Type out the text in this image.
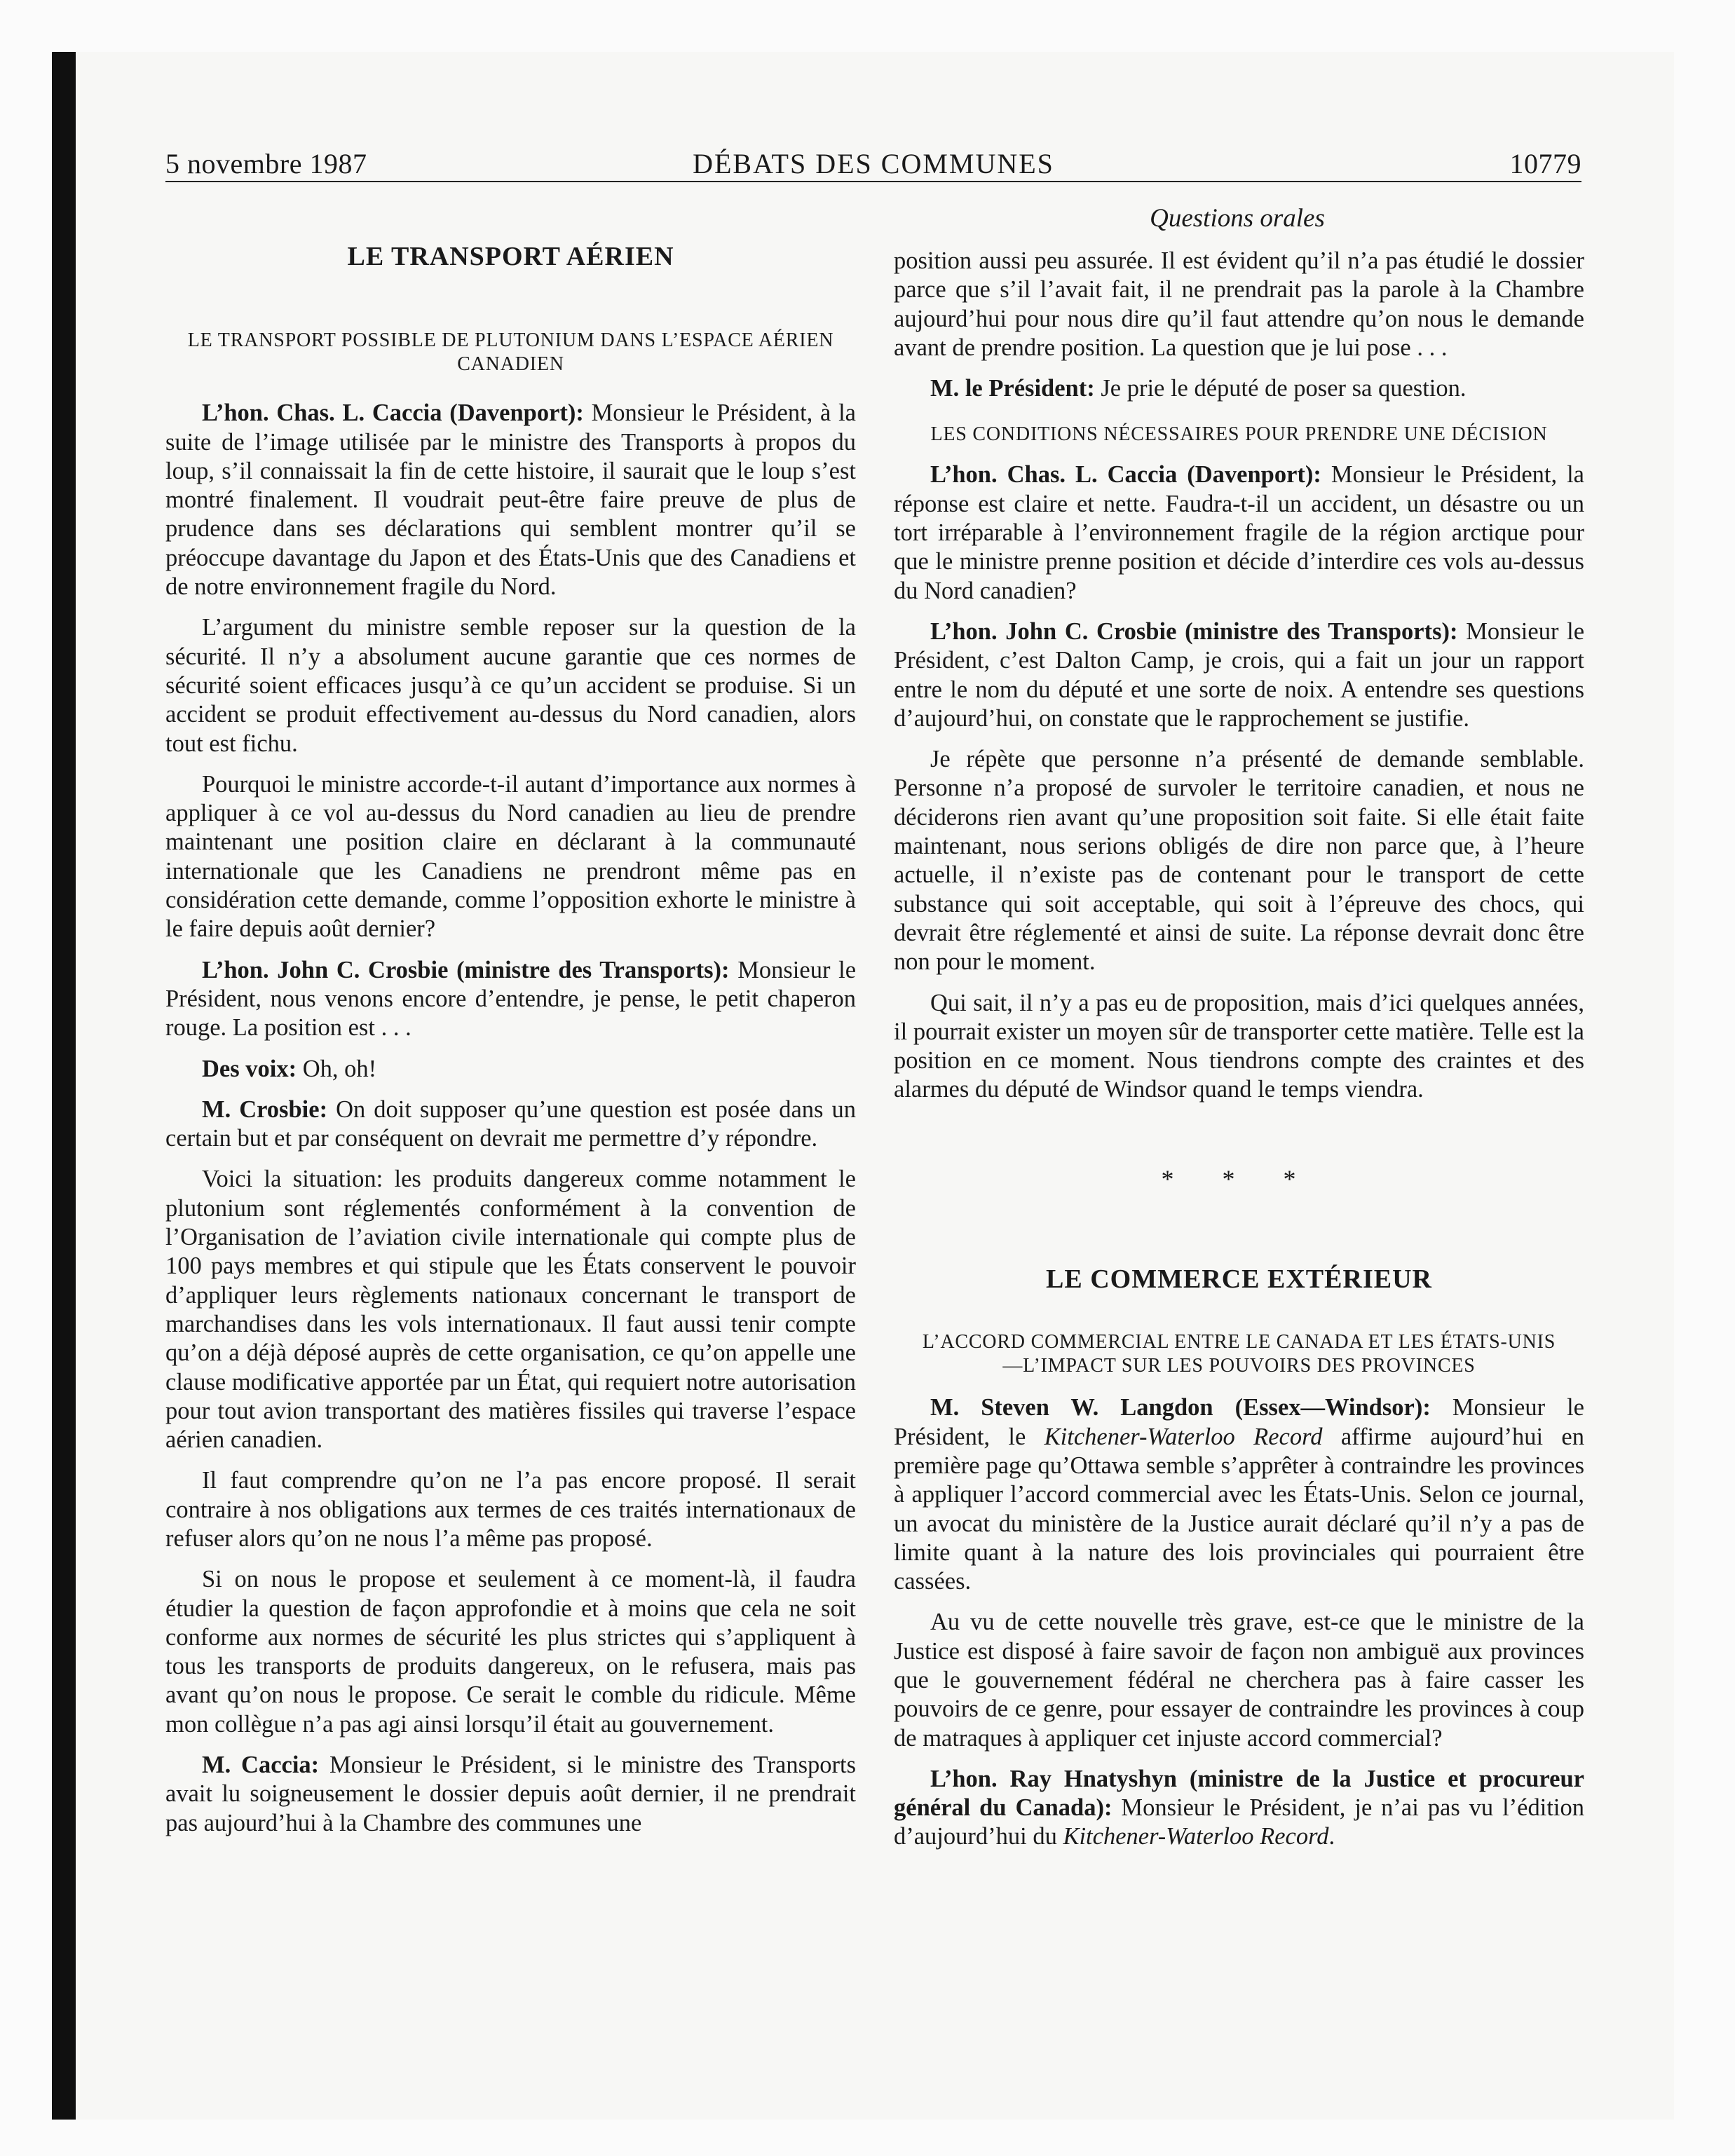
5 novembre 1987	DÉBATS DES COMMUNES	10779
Questions orales
LE TRANSPORT AÉRIEN
LE TRANSPORT POSSIBLE DE PLUTONIUM DANS L’ESPACE AÉRIEN CANADIEN

L’hon. Chas. L. Caccia (Davenport): Monsieur le Président, à la suite de l’image utilisée par le ministre des Transports à propos du loup, s’il connaissait la fin de cette histoire, il saurait que le loup s’est montré finalement. Il voudrait peut-être faire preuve de plus de prudence dans ses déclarations qui semblent montrer qu’il se préoccupe davantage du Japon et des États-Unis que des Canadiens et de notre environnement fragile du Nord.

L’argument du ministre semble reposer sur la question de la sécurité. Il n’y a absolument aucune garantie que ces normes de sécurité soient efficaces jusqu’à ce qu’un accident se produise. Si un accident se produit effectivement au-dessus du Nord canadien, alors tout est fichu.

Pourquoi le ministre accorde-t-il autant d’importance aux normes à appliquer à ce vol au-dessus du Nord canadien au lieu de prendre maintenant une position claire en déclarant à la communauté internationale que les Canadiens ne prendront même pas en considération cette demande, comme l’opposition exhorte le ministre à le faire depuis août dernier?

L’hon. John C. Crosbie (ministre des Transports): Monsieur le Président, nous venons encore d’entendre, je pense, le petit chaperon rouge. La position est . . .

Des voix: Oh, oh!

M. Crosbie: On doit supposer qu’une question est posée dans un certain but et par conséquent on devrait me permettre d’y répondre.

Voici la situation: les produits dangereux comme notamment le plutonium sont réglementés conformément à la convention de l’Organisation de l’aviation civile internationale qui compte plus de 100 pays membres et qui stipule que les États conservent le pouvoir d’appliquer leurs règlements nationaux concernant le transport de marchandises dans les vols internationaux. Il faut aussi tenir compte qu’on a déjà déposé auprès de cette organisation, ce qu’on appelle une clause modificative apportée par un État, qui requiert notre autorisation pour tout avion transportant des matières fissiles qui traverse l’espace aérien canadien.

Il faut comprendre qu’on ne l’a pas encore proposé. Il serait contraire à nos obligations aux termes de ces traités internationaux de refuser alors qu’on ne nous l’a même pas proposé.

Si on nous le propose et seulement à ce moment-là, il faudra étudier la question de façon approfondie et à moins que cela ne soit conforme aux normes de sécurité les plus strictes qui s’appliquent à tous les transports de produits dangereux, on le refusera, mais pas avant qu’on nous le propose. Ce serait le comble du ridicule. Même mon collègue n’a pas agi ainsi lorsqu’il était au gouvernement.

M. Caccia: Monsieur le Président, si le ministre des Transports avait lu soigneusement le dossier depuis août dernier, il ne prendrait pas aujourd’hui à la Chambre des communes une

position aussi peu assurée. Il est évident qu’il n’a pas étudié le dossier parce que s’il l’avait fait, il ne prendrait pas la parole à la Chambre aujourd’hui pour nous dire qu’il faut attendre qu’on nous le demande avant de prendre position. La question que je lui pose . . .

M. le Président: Je prie le député de poser sa question.

LES CONDITIONS NÉCESSAIRES POUR PRENDRE UNE DÉCISION

L’hon. Chas. L. Caccia (Davenport): Monsieur le Président, la réponse est claire et nette. Faudra-t-il un accident, un désastre ou un tort irréparable à l’environnement fragile de la région arctique pour que le ministre prenne position et décide d’interdire ces vols au-dessus du Nord canadien?

L’hon. John C. Crosbie (ministre des Transports): Monsieur le Président, c’est Dalton Camp, je crois, qui a fait un jour un rapport entre le nom du député et une sorte de noix. A entendre ses questions d’aujourd’hui, on constate que le rapprochement se justifie.

Je répète que personne n’a présenté de demande semblable. Personne n’a proposé de survoler le territoire canadien, et nous ne déciderons rien avant qu’une proposition soit faite. Si elle était faite maintenant, nous serions obligés de dire non parce que, à l’heure actuelle, il n’existe pas de contenant pour le transport de cette substance qui soit acceptable, qui soit à l’épreuve des chocs, qui devrait être réglementé et ainsi de suite. La réponse devrait donc être non pour le moment.

Qui sait, il n’y a pas eu de proposition, mais d’ici quelques années, il pourrait exister un moyen sûr de transporter cette matière. Telle est la position en ce moment. Nous tiendrons compte des craintes et des alarmes du député de Windsor quand le temps viendra.

* * *
LE COMMERCE EXTÉRIEUR
L’ACCORD COMMERCIAL ENTRE LE CANADA ET LES ÉTATS-UNIS—L’IMPACT SUR LES POUVOIRS DES PROVINCES

M. Steven W. Langdon (Essex—Windsor): Monsieur le Président, le Kitchener-Waterloo Record affirme aujourd’hui en première page qu’Ottawa semble s’apprêter à contraindre les provinces à appliquer l’accord commercial avec les États-Unis. Selon ce journal, un avocat du ministère de la Justice aurait déclaré qu’il n’y a pas de limite quant à la nature des lois provinciales qui pourraient être cassées.

Au vu de cette nouvelle très grave, est-ce que le ministre de la Justice est disposé à faire savoir de façon non ambiguë aux provinces que le gouvernement fédéral ne cherchera pas à faire casser les pouvoirs de ce genre, pour essayer de contraindre les provinces à coup de matraques à appliquer cet injuste accord commercial?

L’hon. Ray Hnatyshyn (ministre de la Justice et procureur général du Canada): Monsieur le Président, je n’ai pas vu l’édition d’aujourd’hui du Kitchener-Waterloo Record.
